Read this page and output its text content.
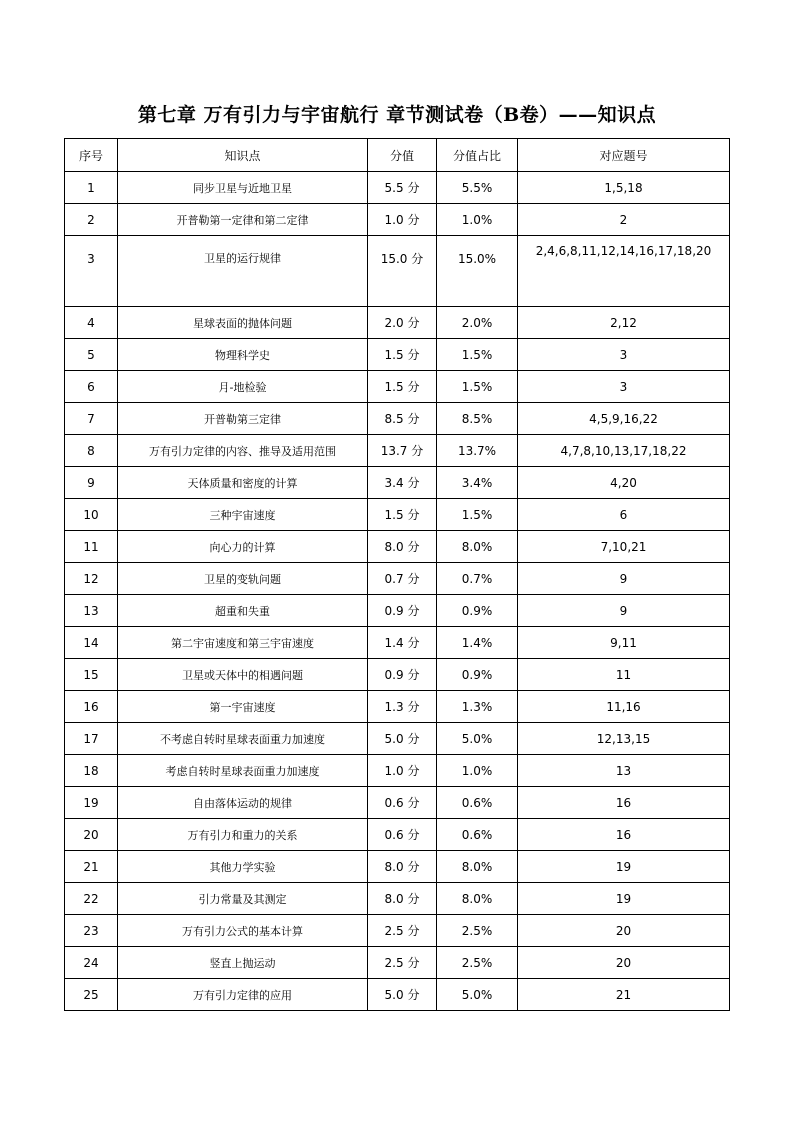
第七章 万有引力与宇宙航行 章节测试卷（B卷）——知识点
序号	知识点	分值	分值占比	对应题号
1	同步卫星与近地卫星	5.5 分	5.5%	1,5,18
2	开普勒第一定律和第二定律	1.0 分	1.0%	2
3	卫星的运行规律	15.0 分	15.0%	2,4,6,8,11,12,14,16,17,18,20
4	星球表面的抛体问题	2.0 分	2.0%	2,12
5	物理科学史	1.5 分	1.5%	3
6	月-地检验	1.5 分	1.5%	3
7	开普勒第三定律	8.5 分	8.5%	4,5,9,16,22
8	万有引力定律的内容、推导及适用范围	13.7 分	13.7%	4,7,8,10,13,17,18,22
9	天体质量和密度的计算	3.4 分	3.4%	4,20
10	三种宇宙速度	1.5 分	1.5%	6
11	向心力的计算	8.0 分	8.0%	7,10,21
12	卫星的变轨问题	0.7 分	0.7%	9
13	超重和失重	0.9 分	0.9%	9
14	第二宇宙速度和第三宇宙速度	1.4 分	1.4%	9,11
15	卫星或天体中的相遇问题	0.9 分	0.9%	11
16	第一宇宙速度	1.3 分	1.3%	11,16
17	不考虑自转时星球表面重力加速度	5.0 分	5.0%	12,13,15
18	考虑自转时星球表面重力加速度	1.0 分	1.0%	13
19	自由落体运动的规律	0.6 分	0.6%	16
20	万有引力和重力的关系	0.6 分	0.6%	16
21	其他力学实验	8.0 分	8.0%	19
22	引力常量及其测定	8.0 分	8.0%	19
23	万有引力公式的基本计算	2.5 分	2.5%	20
24	竖直上抛运动	2.5 分	2.5%	20
25	万有引力定律的应用	5.0 分	5.0%	21
